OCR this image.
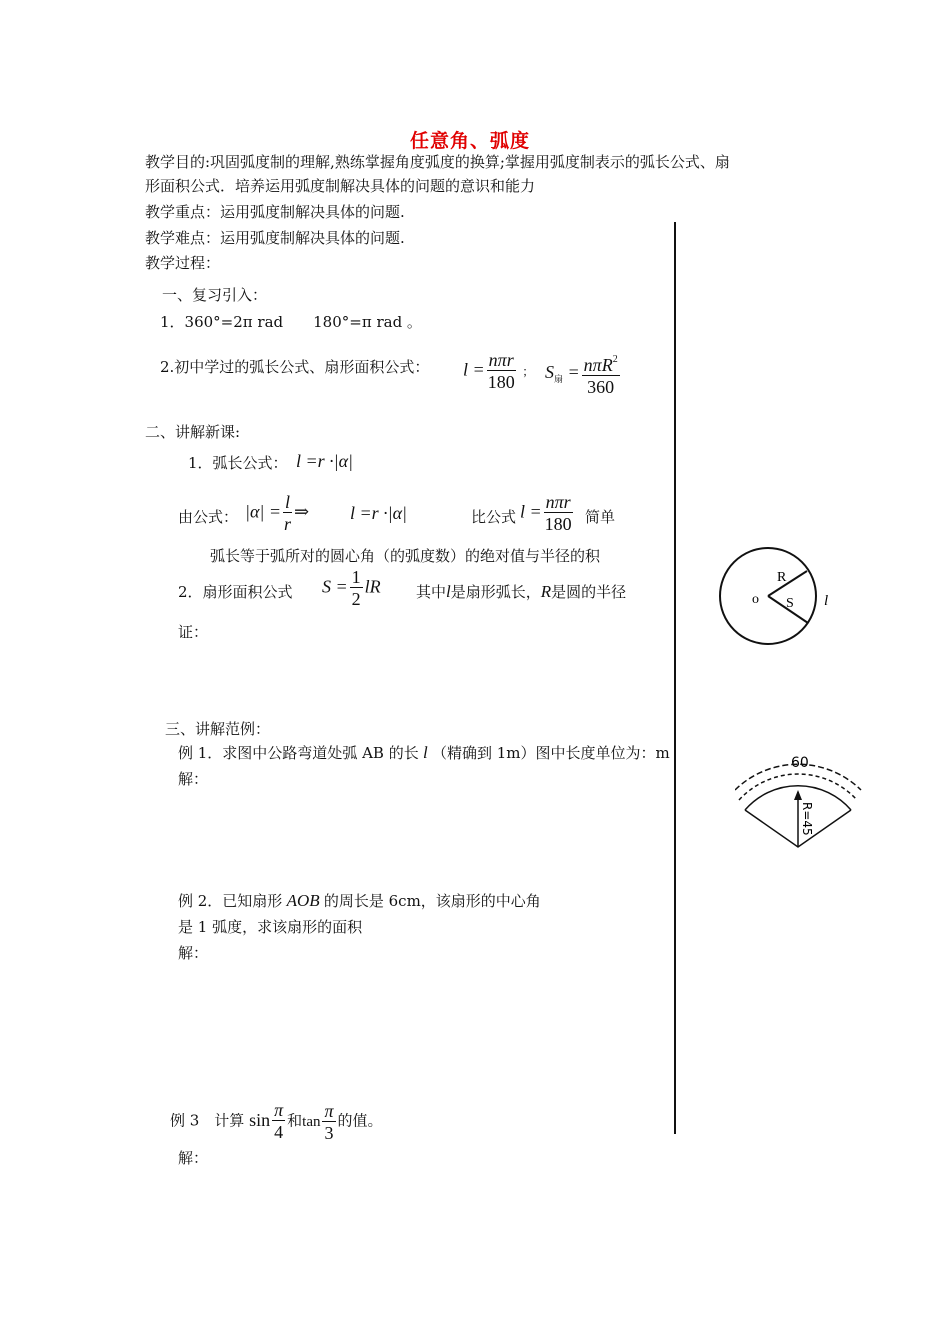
任意角、弧度
教学目的:巩固弧度制的理解,熟练掌握角度弧度的换算;掌握用弧度制表示的弧长公式、扇
形面积公式．培养运用弧度制解决具体的问题的意识和能力
教学重点：运用弧度制解决具体的问题.
教学难点：运用弧度制解决具体的问题.
教学过程：
一、复习引入：
1．360°=2π rad　　180°=π rad 。
2.初中学过的弧长公式、扇形面积公式： $l = \frac{\text{nπr}}{180}$ ； $S_扇 = \frac{n\pi R^2}{360}$
二、讲解新课:
1．弧长公式： l =r ·|α|
由公式： $|\alpha| = \frac{l}{r}$ ⇒ l =r ·|α|	比公式 $l = \frac{\text{nπr}}{180}$ 简单
弧长等于弧所对的圆心角（的弧度数）的绝对值与半径的积
2．扇形面积公式 $S = \frac{1}{2}$ lR 其中l是扇形弧长，R是圆的半径
证：
R
o S l
三、讲解范例：
例 1．求图中公路弯道处弧 AB 的长 l （精确到 1m）图中长度单位为：m
解：
60
R=45
例 2．已知扇形 AOB 的周长是 6cm，该扇形的中心角
是 1 弧度，求该扇形的面积
解：
例 3　计算 $\sin \frac{\pi}{4}$ 和$\tan \frac{\pi}{3}$ 的值。
解：
